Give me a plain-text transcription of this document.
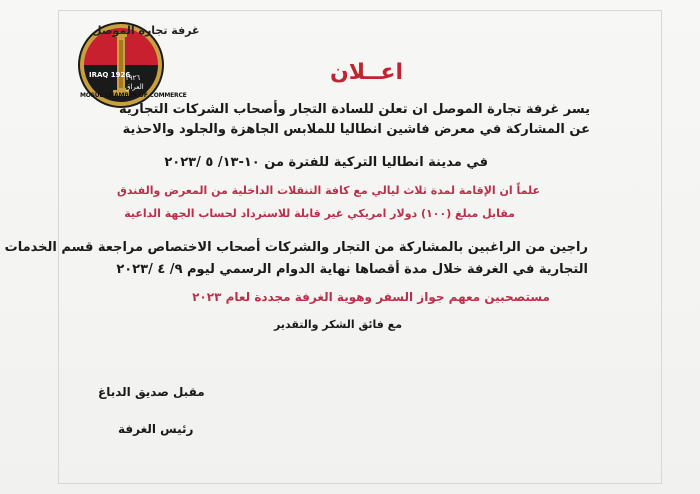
غرفة تجارة الموصل
١٩٢٦
العراق
IRAQ 1926
MOSUL CHAMBER OF COMMERCE
اعــلان
يسر غرفة تجارة الموصل ان تعلن للسادة التجار وأصحاب الشركات التجارية
عن المشاركة في معرض فاشين انطاليا للملابس الجاهزة والجلود والاحذية
في مدينة انطاليا التركية للفترة من ١٠-١٣/ ٥ /٢٠٢٣
علماً ان الإقامة لمدة ثلاث ليالي مع كافة التنقلات الداخلية من المعرض والفندق
مقابل مبلغ (١٠٠) دولار امريكي غير قابلة للاسترداد لحساب الجهة الداعية
راجين من الراغبين بالمشاركة من التجار والشركات أصحاب الاختصاص مراجعة قسم الخدمات
التجارية في الغرفة خلال مدة أقصاها نهاية الدوام الرسمي ليوم ٩/ ٤ /٢٠٢٣
مستصحبين معهم جواز السفر وهوية الغرفة مجددة لعام ٢٠٢٣
مع فائق الشكر والتقدير
مقبل صديق الدباغ
رئيس الغرفة
